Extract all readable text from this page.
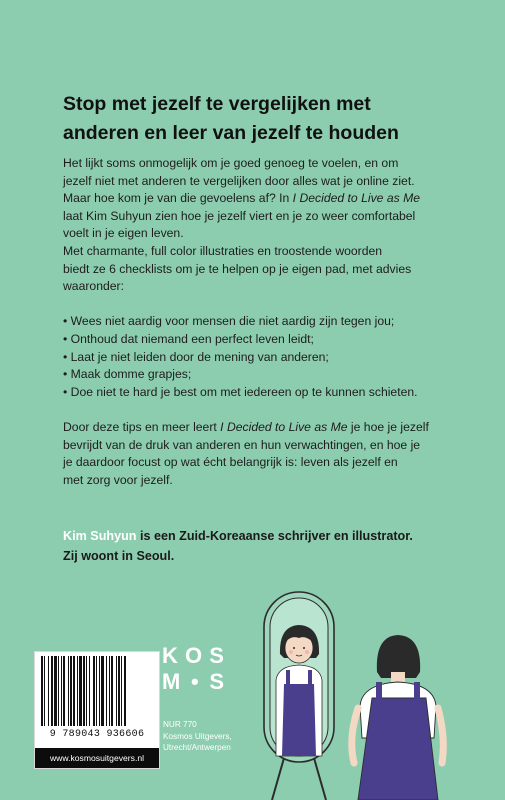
Stop met jezelf te vergelijken met
anderen en leer van jezelf te houden

Het lijkt soms onmogelijk om je goed genoeg te voelen, en om

jezelf niet met anderen te vergelijken door alles wat je online ziet.

Maar hoe kom je van die gevoelens af? In I Decided to Live as Me

laat Kim Suhyun zien hoe je jezelf viert en je zo weer comfortabel

voelt in je eigen leven.

Met charmante, full color illustraties en troostende woorden

biedt ze 6 checklists om je te helpen op je eigen pad, met advies

waaronder:

• Wees niet aardig voor mensen die niet aardig zijn tegen jou;
• Onthoud dat niemand een perfect leven leidt;
• Laat je niet leiden door de mening van anderen;
• Maak domme grapjes;
• Doe niet te hard je best om met iedereen op te kunnen schieten.

Door deze tips en meer leert I Decided to Live as Me je hoe je jezelf

bevrijdt van de druk van anderen en hun verwachtingen, en hoe je

je daardoor focust op wat écht belangrijk is: leven als jezelf en

met zorg voor jezelf.

Kim Suhyun is een Zuid-Koreaanse schrijver en illustrator.
Zij woont in Seoul.
9 789043 936606
www.kosmosuitgevers.nl
K O S
M • S
NUR 770
Kosmos Uitgevers,
Utrecht/Antwerpen
